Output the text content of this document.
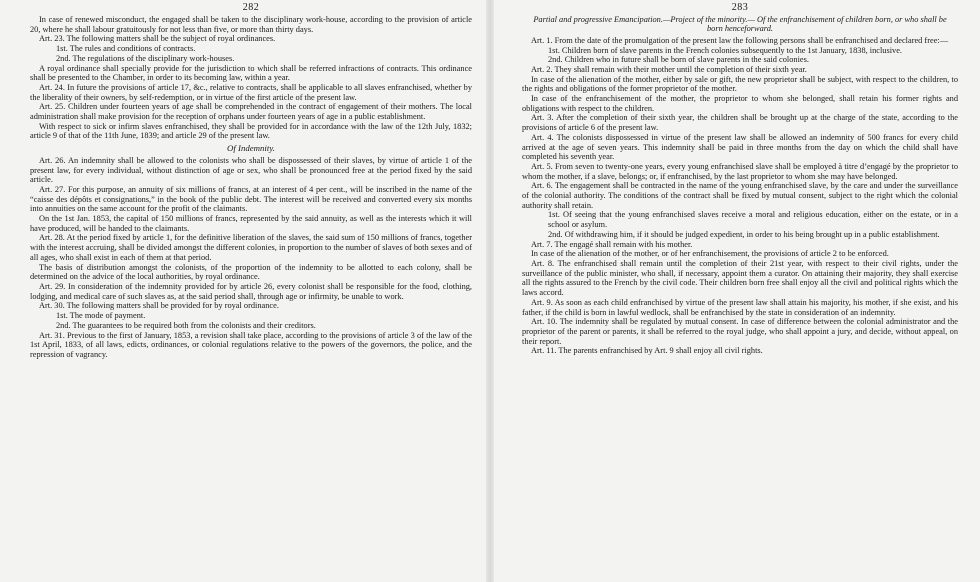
282

In case of renewed misconduct, the engaged shall be taken to the disciplinary work-house, according to the provision of article 20, where he shall labour gratuitously for not less than five, or more than thirty days.

Art. 23. The following matters shall be the subject of royal ordinances.

1st. The rules and conditions of contracts.

2nd. The regulations of the disciplinary work-houses.

A royal ordinance shall specially provide for the jurisdiction to which shall be referred infractions of contracts. This ordinance shall be presented to the Chamber, in order to its becoming law, within a year.

Art. 24. In future the provisions of article 17, &c., relative to contracts, shall be applicable to all slaves enfranchised, whether by the liberality of their owners, by self-redemption, or in virtue of the first article of the present law.

Art. 25. Children under fourteen years of age shall be comprehended in the contract of engagement of their mothers. The local administration shall make provision for the reception of orphans under fourteen years of age in a public establishment.

With respect to sick or infirm slaves enfranchised, they shall be provided for in accordance with the law of the 12th July, 1832; article 9 of that of the 11th June, 1839; and article 29 of the present law.

Of Indemnity.

Art. 26. An indemnity shall be allowed to the colonists who shall be dispossessed of their slaves, by virtue of article 1 of the present law, for every individual, without distinction of age or sex, who shall be pronounced free at the period fixed by the said article.

Art. 27. For this purpose, an annuity of six millions of francs, at an interest of 4 per cent., will be inscribed in the name of the “caisse des dépôts et consignations,” in the book of the public debt. The interest will be received and converted every six months into annuities on the same account for the profit of the claimants.

On the 1st Jan. 1853, the capital of 150 millions of francs, represented by the said annuity, as well as the interests which it will have produced, will be handed to the claimants.

Art. 28. At the period fixed by article 1, for the definitive liberation of the slaves, the said sum of 150 millions of francs, together with the interest accruing, shall be divided amongst the different colonies, in proportion to the number of slaves of both sexes and of all ages, who shall exist in each of them at that period.

The basis of distribution amongst the colonists, of the proportion of the indemnity to be allotted to each colony, shall be determined on the advice of the local authorities, by royal ordinance.

Art. 29. In consideration of the indemnity provided for by article 26, every colonist shall be responsible for the food, clothing, lodging, and medical care of such slaves as, at the said period shall, through age or infirmity, be unable to work.

Art. 30. The following matters shall be provided for by royal ordinance.

1st. The mode of payment.

2nd. The guarantees to be required both from the colonists and their creditors.

Art. 31. Previous to the first of January, 1853, a revision shall take place, according to the provisions of article 3 of the law of the 1st April, 1833, of all laws, edicts, ordinances, or colonial regulations relative to the powers of the governors, the police, and the repression of vagrancy.

283

Partial and progressive Emancipation.—Project of the minority.— Of the enfranchisement of children born, or who shall be born henceforward.

Art. 1. From the date of the promulgation of the present law the following persons shall be enfranchised and declared free:—

1st. Children born of slave parents in the French colonies subsequently to the 1st January, 1838, inclusive.

2nd. Children who in future shall be born of slave parents in the said colonies.

Art. 2. They shall remain with their mother until the completion of their sixth year.

In case of the alienation of the mother, either by sale or gift, the new proprietor shall be subject, with respect to the children, to the rights and obligations of the former proprietor of the mother.

In case of the enfranchisement of the mother, the proprietor to whom she belonged, shall retain his former rights and obligations with respect to the children.

Art. 3. After the completion of their sixth year, the children shall be brought up at the charge of the state, according to the provisions of article 6 of the present law.

Art. 4. The colonists dispossessed in virtue of the present law shall be allowed an indemnity of 500 francs for every child arrived at the age of seven years. This indemnity shall be paid in three months from the day on which the child shall have completed his seventh year.

Art. 5. From seven to twenty-one years, every young enfranchised slave shall be employed à titre d’engagé by the proprietor to whom the mother, if a slave, belongs; or, if enfranchised, by the last proprietor to whom she may have belonged.

Art. 6. The engagement shall be contracted in the name of the young enfranchised slave, by the care and under the surveillance of the colonial authority. The conditions of the contract shall be fixed by mutual consent, subject to the right which the colonial authority shall retain.

1st. Of seeing that the young enfranchised slaves receive a moral and religious education, either on the estate, or in a school or asylum.

2nd. Of withdrawing him, if it should be judged expedient, in order to his being brought up in a public establishment.

Art. 7. The engagé shall remain with his mother.

In case of the alienation of the mother, or of her enfranchisement, the provisions of article 2 to be enforced.

Art. 8. The enfranchised shall remain until the completion of their 21st year, with respect to their civil rights, under the surveillance of the public minister, who shall, if necessary, appoint them a curator. On attaining their majority, they shall exercise all the rights assured to the French by the civil code. Their children born free shall enjoy all the civil and political rights which the laws accord.

Art. 9. As soon as each child enfranchised by virtue of the present law shall attain his majority, his mother, if she exist, and his father, if the child is born in lawful wedlock, shall be enfranchised by the state in consideration of an indemnity.

Art. 10. The indemnity shall be regulated by mutual consent. In case of difference between the colonial administrator and the proprietor of the parent or parents, it shall be referred to the royal judge, who shall appoint a jury, and decide, without appeal, on their report.

Art. 11. The parents enfranchised by Art. 9 shall enjoy all civil rights.
